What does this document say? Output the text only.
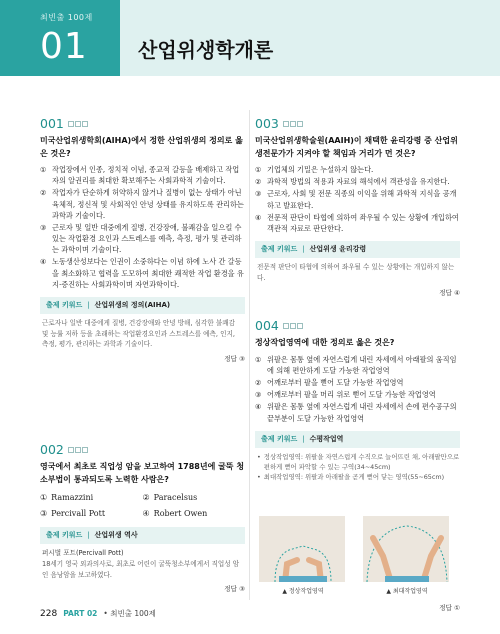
최빈출 100제
01	산업위생학개론
001
미국산업위생학회(AIHA)에서 정한 산업위생의 정의로 옳은 것은?
① 작업장에서 인종, 정치적 이념, 종교적 갈등을 배제하고 작업자의 알권리를 최대한 확보해주는 사회과학적 기술이다.
② 작업자가 단순하게 허약하지 않거나 질병이 없는 상태가 아닌 육체적, 정신적 및 사회적인 안녕 상태를 유지하도록 관리하는 과학과 기술이다.
③ 근로자 및 일반 대중에게 질병, 건강장애, 불쾌감을 일으킬 수 있는 작업환경 요인과 스트레스를 예측, 측정, 평가 및 관리하는 과학이며 기술이다.
④ 노동생산성보다는 인권이 소중하다는 이념 하에 노사 간 갈등을 최소화하고 협력을 도모하여 최대한 쾌적한 작업 환경을 유지·증진하는 사회과학이며 자연과학이다.
출제 키워드 | 산업위생의 정의(AIHA)
근로자나 일반 대중에게 질병, 건강장애와 안녕 방해, 심각한 불쾌감 및 능률 저하 등을 초래하는 작업환경요인과 스트레스를 예측, 인지, 측정, 평가, 관리하는 과학과 기술이다.
정답 ③
002
영국에서 최초로 직업성 암을 보고하여 1788년에 굴뚝 청소부법이 통과되도록 노력한 사람은?
① Ramazzini	② Paracelsus
③ Percivall Pott	④ Robert Owen
출제 키워드 | 산업위생 역사
퍼시벌 포트(Percivall Pott)
18세기 영국 외과의사로, 최초로 어린이 굴뚝청소부에게서 직업성 암인 음낭암을 보고하였다.
정답 ③
003
미국산업위생학술원(AAIH)이 채택한 윤리강령 중 산업위생전문가가 지켜야 할 책임과 거리가 먼 것은?
① 기업체의 기밀은 누설하지 않는다.
② 과학적 방법의 적용과 자료의 해석에서 객관성을 유지한다.
③ 근로자, 사회 및 전문 직종의 이익을 위해 과학적 지식을 공개하고 발표한다.
④ 전문적 판단이 타협에 의하여 좌우될 수 있는 상황에 개입하여 객관적 자료로 판단한다.
출제 키워드 | 산업위생 윤리강령
전문적 판단이 타협에 의하여 좌우될 수 있는 상황에는 개입하지 않는다.
정답 ④
004
정상작업영역에 대한 정의로 옳은 것은?
① 위팔은 몸통 옆에 자연스럽게 내린 자세에서 아래팔의 움직임에 의해 편안하게 도달 가능한 작업영역
② 어깨로부터 팔을 뻗어 도달 가능한 작업영역
③ 어깨로부터 팔을 머리 위로 뻗어 도달 가능한 작업영역
④ 위팔은 몸통 옆에 자연스럽게 내린 자세에서 손에 편수공구의 끝부분이 도달 가능한 작업영역
출제 키워드 | 수평작업역
• 정상작업영역: 위팔을 자연스럽게 수직으로 늘어뜨린 채, 아래팔만으로 편하게 뻗어 파악할 수 있는 구역(34~45cm)
• 최대작업영역: 위팔과 아래팔을 곧게 뻗어 닿는 영역(55~65cm)
▲ 정상작업영역	▲ 최대작업영역
정답 ①
228 PART 02 • 최빈출 100제
